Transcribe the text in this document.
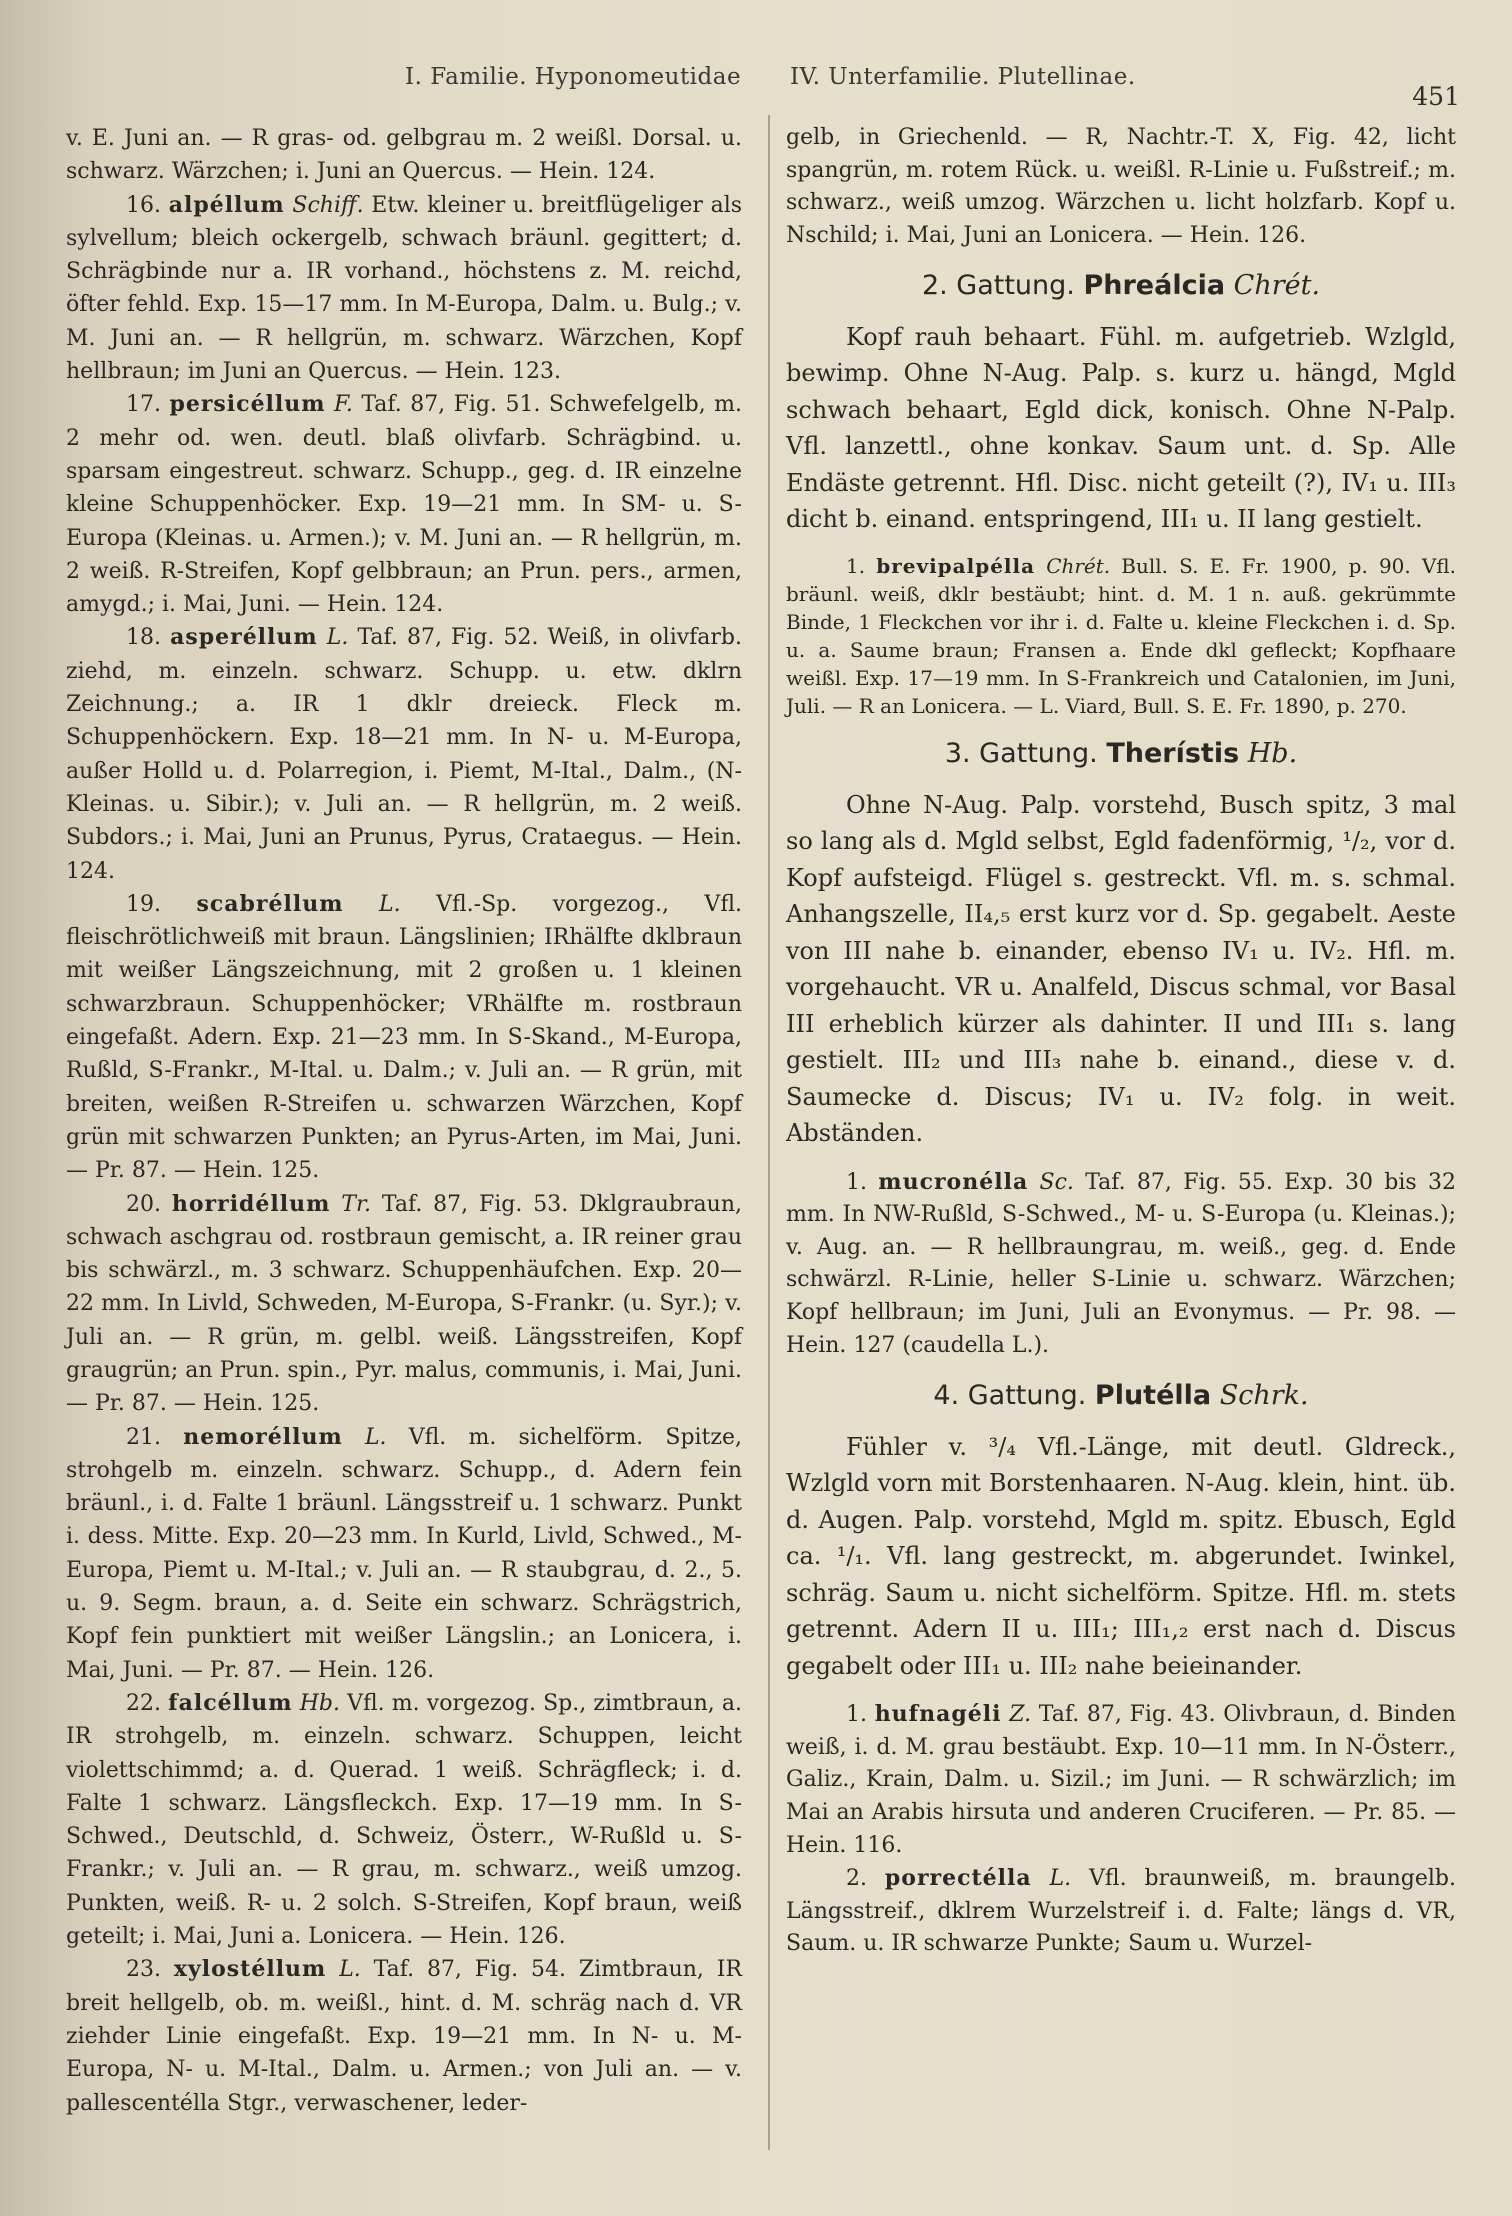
I. Familie. Hyponomeutidae IV. Unterfamilie. Plutellinae.
451

v. E. Juni an. — R gras- od. gelbgrau m. 2 weißl. Dorsal. u. schwarz. Wärzchen; i. Juni an Quercus. — Hein. 124.

16. alpéllum Schiff. Etw. kleiner u. breitflügeliger als sylvellum; bleich ockergelb, schwach bräunl. gegittert; d. Schrägbinde nur a. IR vorhand., höchstens z. M. reichd, öfter fehld. Exp. 15—17 mm. In M-Europa, Dalm. u. Bulg.; v. M. Juni an. — R hellgrün, m. schwarz. Wärzchen, Kopf hellbraun; im Juni an Quercus. — Hein. 123.

17. persicéllum F. Taf. 87, Fig. 51. Schwefelgelb, m. 2 mehr od. wen. deutl. blaß olivfarb. Schrägbind. u. sparsam eingestreut. schwarz. Schupp., geg. d. IR einzelne kleine Schuppenhöcker. Exp. 19—21 mm. In SM- u. S-Europa (Kleinas. u. Armen.); v. M. Juni an. — R hellgrün, m. 2 weiß. R-Streifen, Kopf gelbbraun; an Prun. pers., armen, amygd.; i. Mai, Juni. — Hein. 124.

18. asperéllum L. Taf. 87, Fig. 52. Weiß, in olivfarb. ziehd, m. einzeln. schwarz. Schupp. u. etw. dklrn Zeichnung.; a. IR 1 dklr dreieck. Fleck m. Schuppenhöckern. Exp. 18—21 mm. In N- u. M-Europa, außer Holld u. d. Polarregion, i. Piemt, M-Ital., Dalm., (N-Kleinas. u. Sibir.); v. Juli an. — R hellgrün, m. 2 weiß. Subdors.; i. Mai, Juni an Prunus, Pyrus, Crataegus. — Hein. 124.

19. scabréllum L. Vfl.-Sp. vorgezog., Vfl. fleischrötlichweiß mit braun. Längslinien; IRhälfte dklbraun mit weißer Längszeichnung, mit 2 großen u. 1 kleinen schwarzbraun. Schuppenhöcker; VRhälfte m. rostbraun eingefaßt. Adern. Exp. 21—23 mm. In S-Skand., M-Europa, Rußld, S-Frankr., M-Ital. u. Dalm.; v. Juli an. — R grün, mit breiten, weißen R-Streifen u. schwarzen Wärzchen, Kopf grün mit schwarzen Punkten; an Pyrus-Arten, im Mai, Juni. — Pr. 87. — Hein. 125.

20. horridéllum Tr. Taf. 87, Fig. 53. Dklgraubraun, schwach aschgrau od. rostbraun gemischt, a. IR reiner grau bis schwärzl., m. 3 schwarz. Schuppenhäufchen. Exp. 20—22 mm. In Livld, Schweden, M-Europa, S-Frankr. (u. Syr.); v. Juli an. — R grün, m. gelbl. weiß. Längsstreifen, Kopf graugrün; an Prun. spin., Pyr. malus, communis, i. Mai, Juni. — Pr. 87. — Hein. 125.

21. nemoréllum L. Vfl. m. sichelförm. Spitze, strohgelb m. einzeln. schwarz. Schupp., d. Adern fein bräunl., i. d. Falte 1 bräunl. Längsstreif u. 1 schwarz. Punkt i. dess. Mitte. Exp. 20—23 mm. In Kurld, Livld, Schwed., M-Europa, Piemt u. M-Ital.; v. Juli an. — R staubgrau, d. 2., 5. u. 9. Segm. braun, a. d. Seite ein schwarz. Schrägstrich, Kopf fein punktiert mit weißer Längslin.; an Lonicera, i. Mai, Juni. — Pr. 87. — Hein. 126.

22. falcéllum Hb. Vfl. m. vorgezog. Sp., zimtbraun, a. IR strohgelb, m. einzeln. schwarz. Schuppen, leicht violettschimmd; a. d. Querad. 1 weiß. Schrägfleck; i. d. Falte 1 schwarz. Längsfleckch. Exp. 17—19 mm. In S-Schwed., Deutschld, d. Schweiz, Österr., W-Rußld u. S-Frankr.; v. Juli an. — R grau, m. schwarz., weiß umzog. Punkten, weiß. R- u. 2 solch. S-Streifen, Kopf braun, weiß geteilt; i. Mai, Juni a. Lonicera. — Hein. 126.

23. xylostéllum L. Taf. 87, Fig. 54. Zimtbraun, IR breit hellgelb, ob. m. weißl., hint. d. M. schräg nach d. VR ziehder Linie eingefaßt. Exp. 19—21 mm. In N- u. M-Europa, N- u. M-Ital., Dalm. u. Armen.; von Juli an. — v. pallesce​ntélla Stgr., verwaschener, leder-

gelb, in Griechenld. — R, Nachtr.-T. X, Fig. 42, licht spangrün, m. rotem Rück. u. weißl. R-Linie u. Fußstreif.; m. schwarz., weiß umzog. Wärzchen u. licht holzfarb. Kopf u. Nschild; i. Mai, Juni an Lonicera. — Hein. 126.

2. Gattung. Phreálcia Chrét.

Kopf rauh behaart. Fühl. m. aufgetrieb. Wzlgld, bewimp. Ohne N-Aug. Palp. s. kurz u. hängd, Mgld schwach behaart, Egld dick, konisch. Ohne N-Palp. Vfl. lanzettl., ohne konkav. Saum unt. d. Sp. Alle Endäste getrennt. Hfl. Disc. nicht geteilt (?), IV₁ u. III₃ dicht b. einand. entspringend, III₁ u. II lang gestielt.

1. brevipalpélla Chrét. Bull. S. E. Fr. 1900, p. 90. Vfl. bräunl. weiß, dklr bestäubt; hint. d. M. 1 n. auß. gekrümmte Binde, 1 Fleckchen vor ihr i. d. Falte u. kleine Fleckchen i. d. Sp. u. a. Saume braun; Fransen a. Ende dkl gefleckt; Kopfhaare weißl. Exp. 17—19 mm. In S-Frankreich und Catalonien, im Juni, Juli. — R an Lonicera. — L. Viard, Bull. S. E. Fr. 1890, p. 270.

3. Gattung. Therístis Hb.

Ohne N-Aug. Palp. vorstehd, Busch spitz, 3 mal so lang als d. Mgld selbst, Egld fadenförmig, ¹/₂, vor d. Kopf aufsteigd. Flügel s. gestreckt. Vfl. m. s. schmal. Anhangszelle, II₄,₅ erst kurz vor d. Sp. gegabelt. Aeste von III nahe b. einander, ebenso IV₁ u. IV₂. Hfl. m. vorgehaucht. VR u. Analfeld, Discus schmal, vor Basal III erheblich kürzer als dahinter. II und III₁ s. lang gestielt. III₂ und III₃ nahe b. einand., diese v. d. Saumecke d. Discus; IV₁ u. IV₂ folg. in weit. Abständen.

1. mucronélla Sc. Taf. 87, Fig. 55. Exp. 30 bis 32 mm. In NW-Rußld, S-Schwed., M- u. S-Europa (u. Kleinas.); v. Aug. an. — R hellbraungrau, m. weiß., geg. d. Ende schwärzl. R-Linie, heller S-Linie u. schwarz. Wärzchen; Kopf hellbraun; im Juni, Juli an Evonymus. — Pr. 98. — Hein. 127 (caudella L.).

4. Gattung. Plutélla Schrk.

Fühler v. ³/₄ Vfl.-Länge, mit deutl. Gldreck., Wzlgld vorn mit Borstenhaaren. N-Aug. klein, hint. üb. d. Augen. Palp. vorstehd, Mgld m. spitz. Ebusch, Egld ca. ¹/₁. Vfl. lang gestreckt, m. abgerundet. Iwinkel, schräg. Saum u. nicht sichelförm. Spitze. Hfl. m. stets getrennt. Adern II u. III₁; III₁,₂ erst nach d. Discus gegabelt oder III₁ u. III₂ nahe beieinander.

1. hufnagéli Z. Taf. 87, Fig. 43. Olivbraun, d. Binden weiß, i. d. M. grau bestäubt. Exp. 10—11 mm. In N-Österr., Galiz., Krain, Dalm. u. Sizil.; im Juni. — R schwärzlich; im Mai an Arabis hirsuta und anderen Cruciferen. — Pr. 85. — Hein. 116.

2. porrectélla L. Vfl. braunweiß, m. braungelb. Längsstreif., dklrem Wurzelstreif i. d. Falte; längs d. VR, Saum. u. IR schwarze Punkte; Saum u. Wurzel-
